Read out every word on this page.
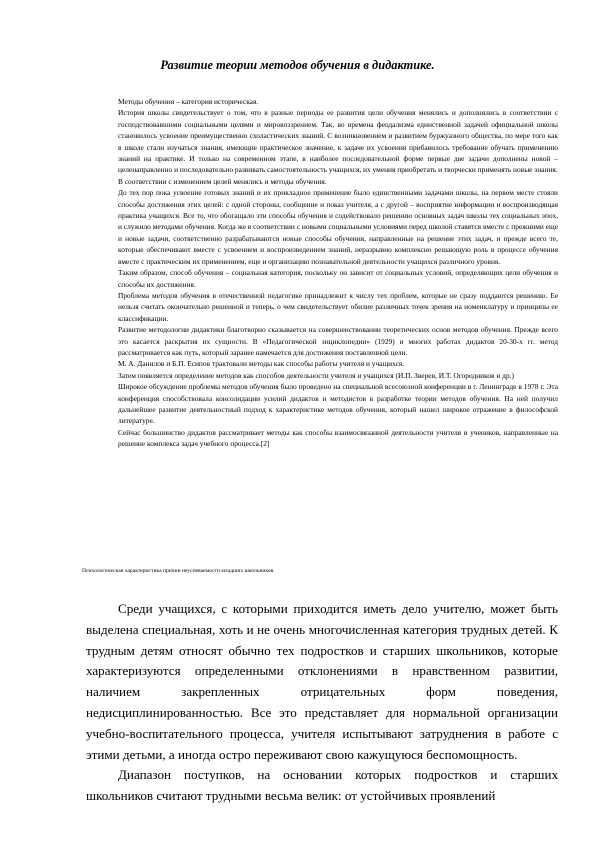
Развитие теории методов обучения в дидактике.

Методы обучения – категория историческая.

История школы свидетельствует о том, что в разные периоды ее развития цели обучения менялись и дополнялись в соответствии с господствовавшими социальными целями и мировоззрением. Так, во времена феодализма единственной задачей официальной школы становилось усвоение преимущественно схоластических знаний. С возникновением и развитием буржуазного общества, по мере того как в школе стали изучаться знания, имеющие практическое значение, к задаче их усвоения прибавилось требование обучать применению знаний на практике. И только на современном этапе, в наиболее последовательной форме первые две задачи дополнены новой – целенаправленно и последовательно развивать самостоятельность учащихся, их умения приобретать и творчески применять новые знания.

В соответствии с изменением целей менялись и методы обучения.

До тех пор пока усвоение готовых знаний и их прикладное применение было единственными задачами школы, на первом месте стояли способы достижения этих целей: с одной стороны, сообщение и показ учителя, а с другой – восприятие информации и воспроизводящая практика учащихся. Все то, что обогащало эти способы обучения и содействовало решению основных задач школы тех социальных эпох, и служило методами обучения. Когда же в соответствии с новыми социальными условиями перед школой ставятся вместе с прежними еще и новые задачи, соответственно разрабатываются новые способы обучения, направленные на решение этих задач, и прежде всего те, которые обеспечивают вместе с усвоением и воспроизведением знаний, неразрывно комплексно решающую роль в процессе обучения вместе с практическим их применением, еще и организацию познавательной деятельности учащихся различного уровня.

Таким образом, способ обучения – социальная категория, поскольку он зависит от социальных условий, определяющих цели обучения и способы их достижения.

Проблема методов обучения в отечественной педагогике принадлежит к числу тех проблем, которые не сразу поддаются решению. Ее нельзя считать окончательно решенной и теперь, о чем свидетельствует обилие различных точек зрения на номенклатуру и принципы ее классификации.

Развитие методологии дидактики благотворно сказывается на совершенствовании теоретических основ методов обучения. Прежде всего это касается раскрытия их сущности. В «Педагогической энциклопедии» (1929) и многих работах дидактов 20-30-х гг. метод рассматривается как путь, который заранее намечается для достижения поставленной цели.

М. А. Данилов и Б.П. Есипов трактовали методы как способы работы учителя и учащихся.

Затем появляется определение методов как способов деятельности учителя и учащихся (И.П. Зверев, И.Т. Огородников и др.)

Широкое обсуждение проблемы методов обучения было проведено на специальной всесоюзной конференции в г. Ленинграде в 1978 г. Эта конференция способствовала консолидации усилий дидактов и методистов в разработке теории методов обучения. На ней получил дальнейшее развитие деятельностный подход к характеристике методов обучения, который нашел широкое отражение в философской литературе.

Сейчас большинство дидактов рассматривает методы как способы взаимосвязанной деятельности учителя и учеников, направленные на решение комплекса задач учебного процесса.[2]

Психологическая характеристика причин неуспеваемости младших школьников.

Среди учащихся, с которыми приходится иметь дело учителю, может быть выделена специальная, хоть и не очень многочисленная категория трудных детей. К трудным детям относят обычно тех подростков и старших школьников, которые характеризуются определенными отклонениями в нравственном развитии, наличием закрепленных отрицательных форм поведения, недисциплинированностью. Все это представляет для нормальной организации учебно-воспитательного процесса, учителя испытывают затруднения в работе с этими детьми, а иногда остро переживают свою кажущуюся беспомощность.

Диапазон поступков, на основании которых подростков и старших школьников считают трудными весьма велик: от устойчивых проявлений
